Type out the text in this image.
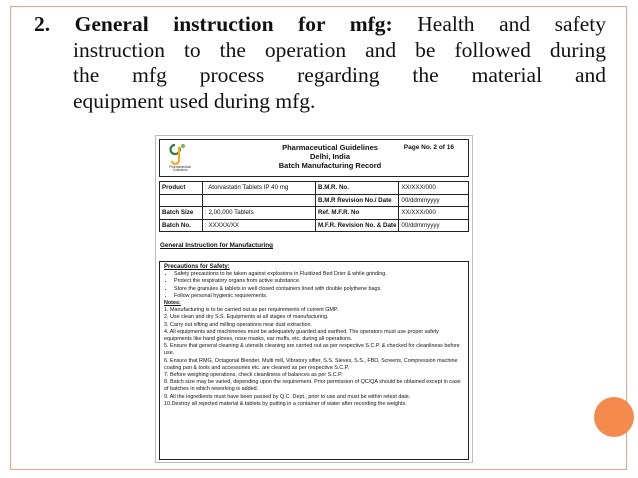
2. General instruction for mfg: Health and safety

instruction to the operation and be followed during

the mfg process regarding the material and

equipment used during mfg.

Pharmaceutical Guidelines
Pharmaceutical Guidelines
Delhi, India
Batch Manufacturing Record
Page No. 2 of 16
Product	: Atorvastatin Tablets IP 40 mg	B.M.R. No.	XX/XXX/000
		B.M.R Revision No./ Date	00/ddmmyyyy
Batch Size	: 2,00,000 Tablets	Ref. M.F.R. No	XX/XXX/000
Batch No.	: XXXXX/XX	M.F.R. Revision No. & Date	00/ddmmyyyy
General Instruction for Manufacturing
Precautions for Safety:
• Safety precautions to be taken against explosions in Fluidized Bed Drier & while grinding.
• Protect the respiratory organs from active substance.
• Store the granules & tablets in well closed containers lined with double polythene bags.
• Follow personal hygienic requirements.
Notes:
1. Manufacturing is to be carried out as per requirements of current GMP.
2. Use clean and dry S.S. Equipments at all stages of manufacturing.
3. Carry out sifting and milling operations near dust extraction.
4. All equipments and machineries must be adequately guarded and earthed. The operators must use proper safety equipments like hand gloves, nose masks, ear muffs, etc. during all operations.
5. Ensure that general cleaning & utensils cleaning are carried out as per respective S.C.P. & checked for cleanliness before use.
6. Ensure that RMG, Octagonal Blender, Multi mill, Vibratory sifter, S.S. Sieves, S.S., FBD, Screens, Compression machine coating pan & tools and accessories etc. are cleaned as per respective S.C.P.
7. Before weighing operations, check cleanliness of balances as per S.C.P.
8. Batch size may be varied, depending upon the requirement. Prior permission of QC/QA should be obtained except in case of batches in which reworking is added.
9. All the ingredients must have been passed by Q.C. Dept., prior to use and must be within retest date.
10.Destroy all rejected material & tablets by putting in a container of water after recording the weights.
